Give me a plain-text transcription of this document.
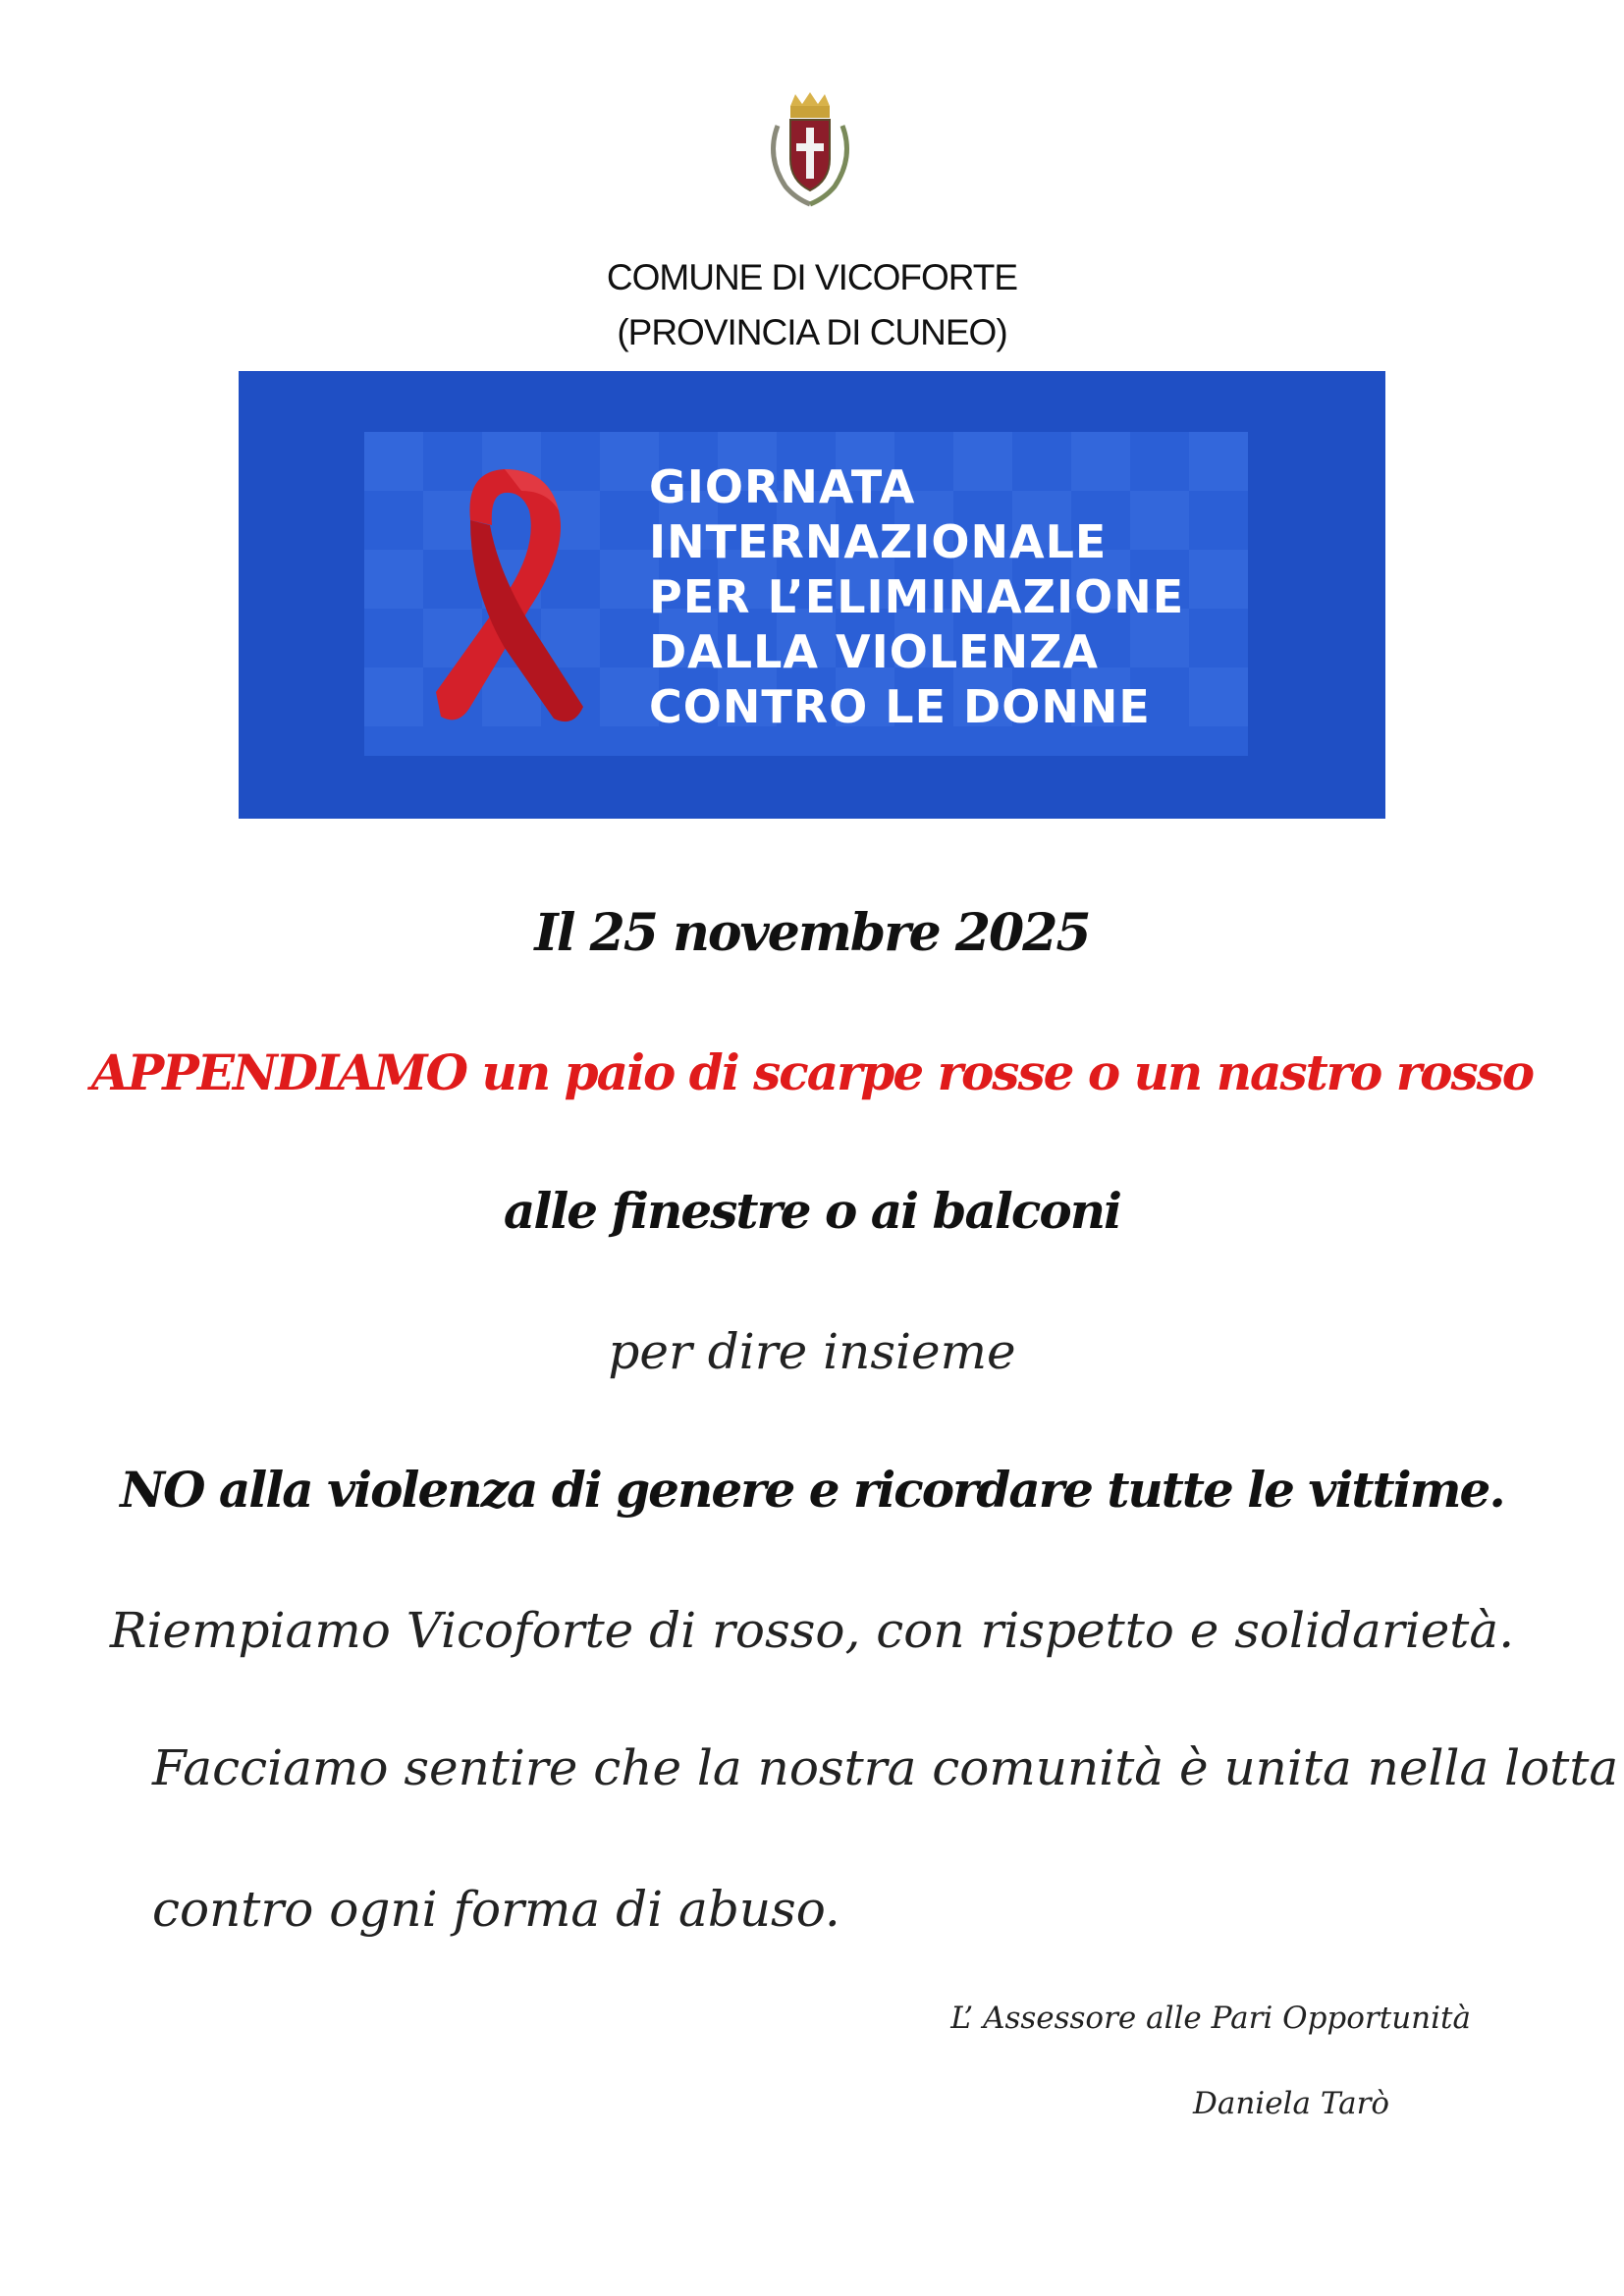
COMUNE DI VICOFORTE
(PROVINCIA DI CUNEO)
GIORNATA
INTERNAZIONALE
PER L’ELIMINAZIONE
DALLA VIOLENZA
CONTRO LE DONNE
Il 25 novembre 2025
APPENDIAMO un paio di scarpe rosse o un nastro rosso
alle finestre o ai balconi
per dire insieme
NO alla violenza di genere e ricordare tutte le vittime.
Riempiamo Vicoforte di rosso, con rispetto e solidarietà.
Facciamo sentire che la nostra comunità è unita nella lotta
contro ogni forma di abuso.
L’ Assessore alle Pari Opportunità
Daniela Tarò
